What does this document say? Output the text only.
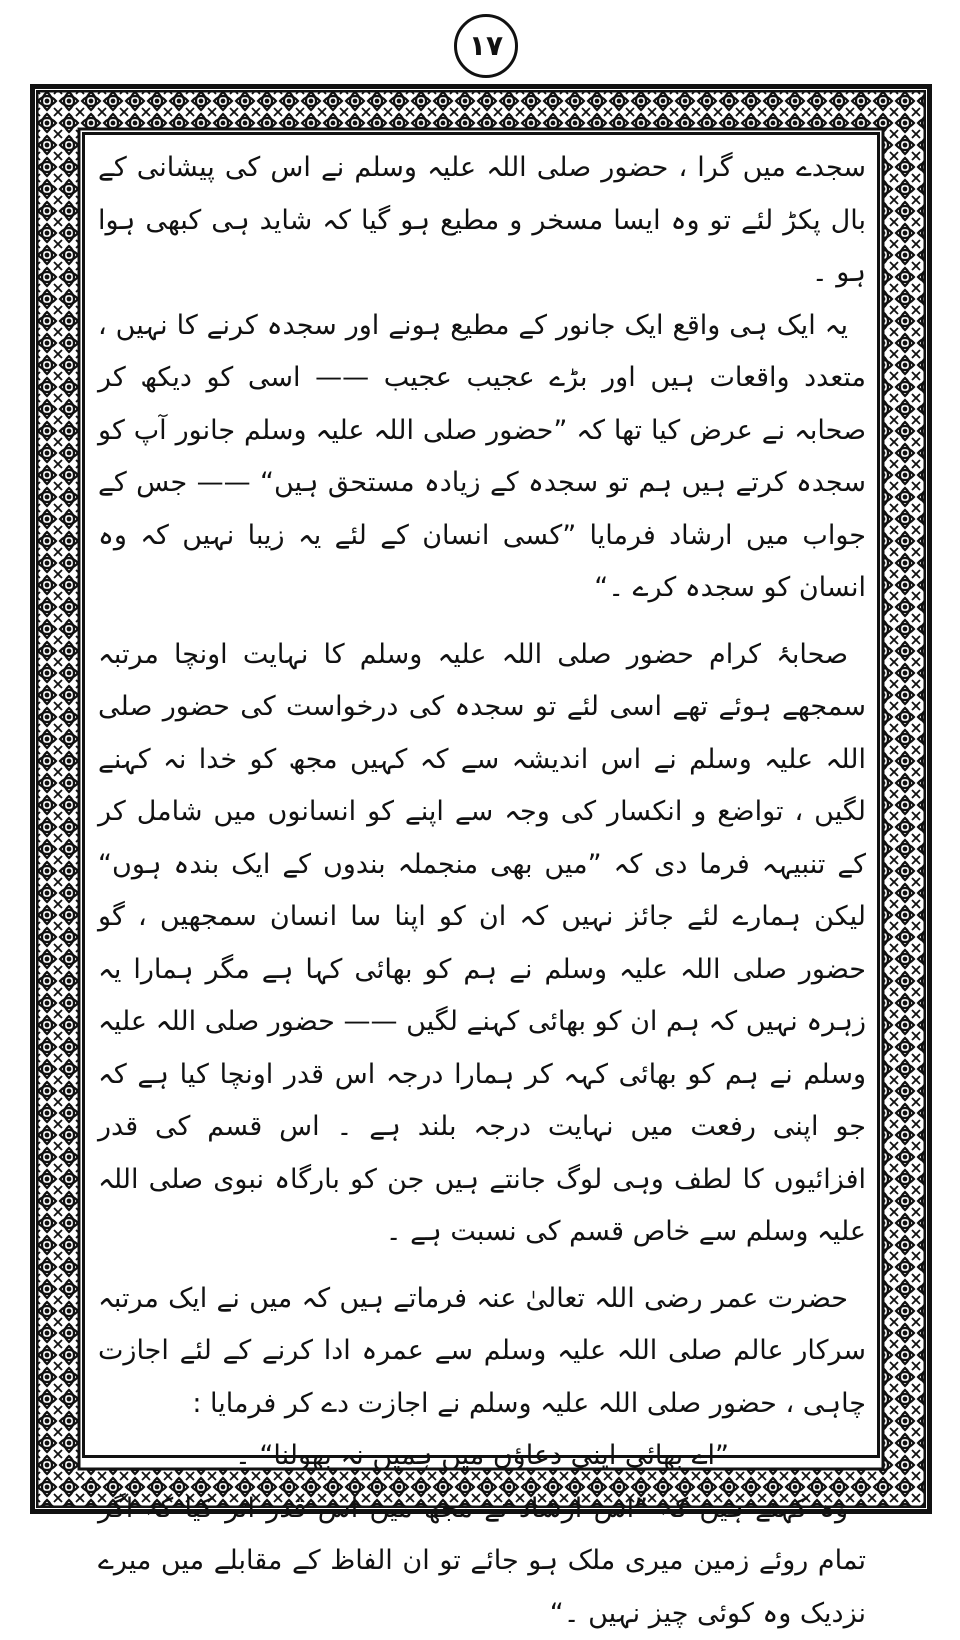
۱۷

سجدے میں گرا ، حضور صلی اللہ علیہ وسلم نے اس کی پیشانی کے بال پکڑ لئے تو وہ ایسا مسخر و مطیع ہو گیا کہ شاید ہی کبھی ہوا ہو ۔

یہ ایک ہی واقع ایک جانور کے مطیع ہونے اور سجدہ کرنے کا نہیں ، متعدد واقعات ہیں اور بڑے عجیب عجیب —— اسی کو دیکھ کر صحابہ نے عرض کیا تھا کہ ”حضور صلی اللہ علیہ وسلم جانور آپ کو سجدہ کرتے ہیں ہم تو سجدہ کے زیادہ مستحق ہیں“ —— جس کے جواب میں ارشاد فرمایا ”کسی انسان کے لئے یہ زیبا نہیں کہ وہ انسان کو سجدہ کرے ۔“

صحابۂ کرام حضور صلی اللہ علیہ وسلم کا نہایت اونچا مرتبہ سمجھے ہوئے تھے اسی لئے تو سجدہ کی درخواست کی حضور صلی اللہ علیہ وسلم نے اس اندیشہ سے کہ کہیں مجھ کو خدا نہ کہنے لگیں ، تواضع و انکسار کی وجہ سے اپنے کو انسانوں میں شامل کر کے تنبیہہ فرما دی کہ ”میں بھی منجملہ بندوں کے ایک بندہ ہوں“ لیکن ہمارے لئے جائز نہیں کہ ان کو اپنا سا انسان سمجھیں ، گو حضور صلی اللہ علیہ وسلم نے ہم کو بھائی کہا ہے مگر ہمارا یہ زہرہ نہیں کہ ہم ان کو بھائی کہنے لگیں —— حضور صلی اللہ علیہ وسلم نے ہم کو بھائی کہہ کر ہمارا درجہ اس قدر اونچا کیا ہے کہ جو اپنی رفعت میں نہایت درجہ بلند ہے ۔ اس قسم کی قدر افزائیوں کا لطف وہی لوگ جانتے ہیں جن کو بارگاہ نبوی صلی اللہ علیہ وسلم سے خاص قسم کی نسبت ہے ۔

حضرت عمر رضی اللہ تعالیٰ عنہ فرماتے ہیں کہ میں نے ایک مرتبہ سرکار عالم صلی اللہ علیہ وسلم سے عمرہ ادا کرنے کے لئے اجازت چاہی ، حضور صلی اللہ علیہ وسلم نے اجازت دے کر فرمایا :

”اے بھائی اپنی دعاؤں میں ہمیں نہ بھولنا“ ۔

وہ کہتے ہیں کہ ”اس ارشاد نے مجھ میں اس قدر اثر کیا کہ اگر تمام روئے زمین میری ملک ہو جائے تو ان الفاظ کے مقابلے میں میرے نزدیک وہ کوئی چیز نہیں ۔“
